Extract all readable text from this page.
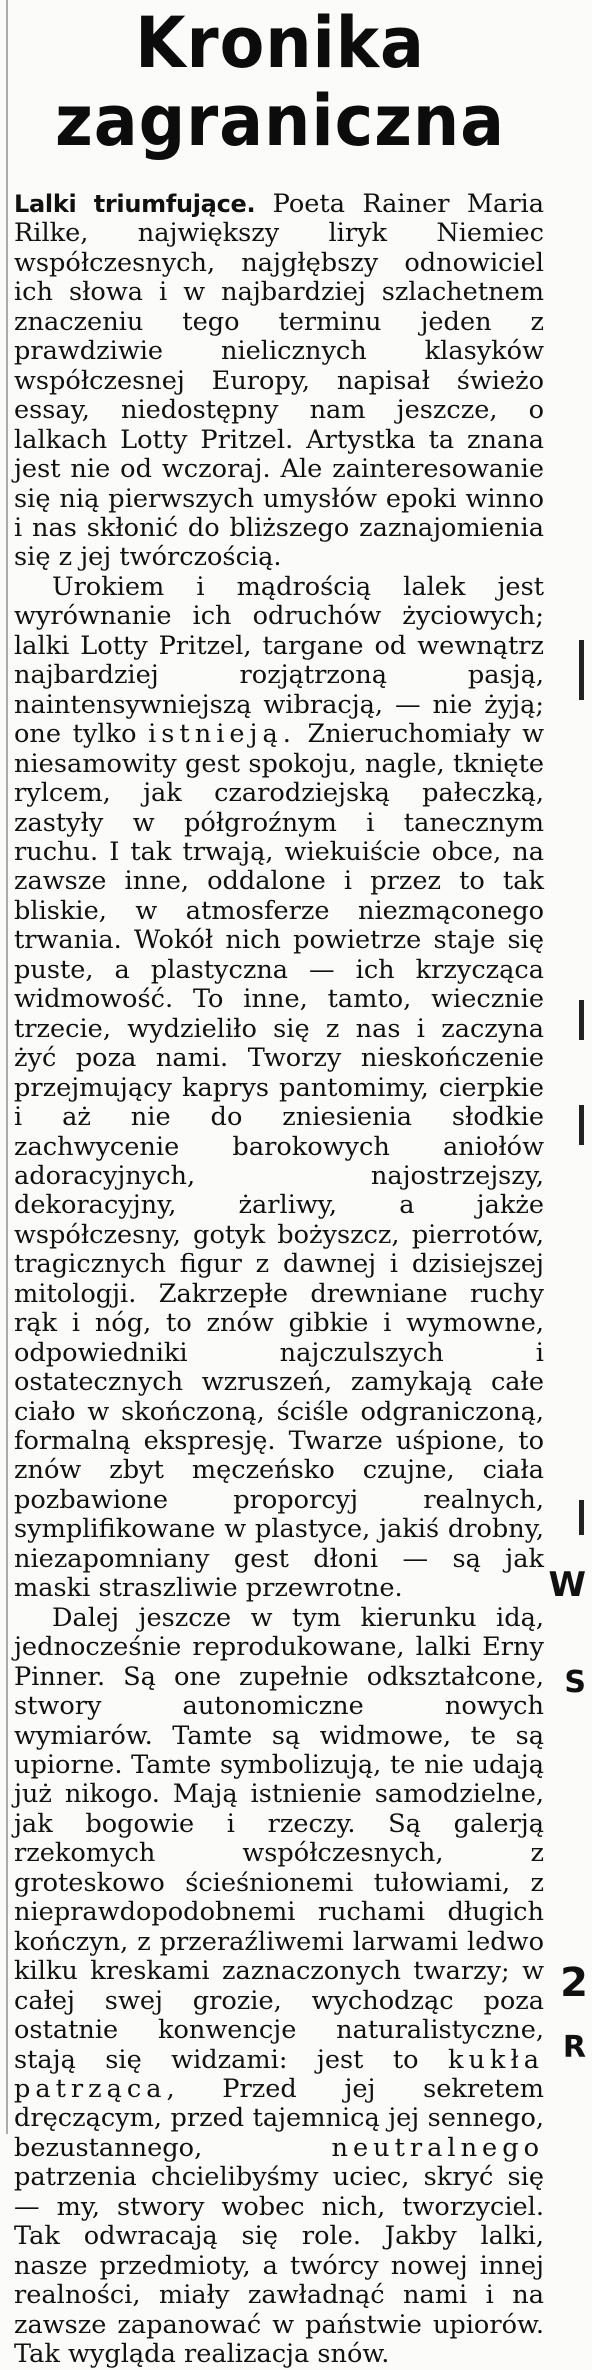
Kronika
zagraniczna

Lalki triumfujące. Poeta Rainer Maria Rilke, największy liryk Niemiec współczesnych, najgłębszy odnowiciel ich słowa i w najbardziej szlachetnem znaczeniu tego terminu jeden z prawdziwie nielicznych klasyków współczesnej Europy, napisał świeżo essay, niedostępny nam jeszcze, o lalkach Lotty Pritzel. Artystka ta znana jest nie od wczoraj. Ale zainteresowanie się nią pierwszych umysłów epoki winno i nas skłonić do bliższego zaznajomienia się z jej twórczością.

Urokiem i mądrością lalek jest wyrównanie ich odruchów życiowych; lalki Lotty Pritzel, targane od wewnątrz najbardziej rozjątrzoną pasją, naintensywniejszą wibracją, — nie żyją; one tylko istnieją. Znieruchomiały w niesamowity gest spokoju, nagle, tknięte rylcem, jak czarodziejską pałeczką, zastyły w półgroźnym i tanecznym ruchu. I tak trwają, wiekuiście obce, na zawsze inne, oddalone i przez to tak bliskie, w atmosferze niezmąconego trwania. Wokół nich powietrze staje się puste, a plastyczna — ich krzycząca widmowość. To inne, tamto, wiecznie trzecie, wydzieliło się z nas i zaczyna żyć poza nami. Tworzy nieskończenie przejmujący kaprys pantomimy, cierpkie i aż nie do zniesienia słodkie zachwycenie barokowych aniołów adoracyjnych, najostrzejszy, dekoracyjny, żarliwy, a jakże współczesny, gotyk bożyszcz, pierrotów, tragicznych figur z dawnej i dzisiejszej mitologji. Zakrzepłe drewniane ruchy rąk i nóg, to znów gibkie i wymowne, odpowiedniki najczulszych i ostatecznych wzruszeń, zamykają całe ciało w skończoną, ściśle odgraniczoną, formalną ekspresję. Twarze uśpione, to znów zbyt męczeńsko czujne, ciała pozbawione proporcyj realnych, symplifikowane w plastyce, jakiś drobny, niezapomniany gest dłoni — są jak maski straszliwie przewrotne.

Dalej jeszcze w tym kierunku idą, jednocześnie reprodukowane, lalki Erny Pinner. Są one zupełnie odkształcone, stwory autonomiczne nowych wymiarów. Tamte są widmowe, te są upiorne. Tamte symbolizują, te nie udają już nikogo. Mają istnienie samodzielne, jak bogowie i rzeczy. Są galerją rzekomych współczesnych, z groteskowo ścieśnionemi tułowiami, z nieprawdopodobnemi ruchami długich kończyn, z przeraźliwemi larwami ledwo kilku kreskami zaznaczonych twarzy; w całej swej grozie, wychodząc poza ostatnie konwencje naturalistyczne, stają się widzami: jest to kukła patrząca, Przed jej sekretem dręczącym, przed tajemnicą jej sennego, bezustannego, neutralnego patrzenia chcielibyśmy uciec, skryć się — my, stwory wobec nich, tworzyciel. Tak odwracają się role. Jakby lalki, nasze przedmioty, a twórcy nowej innej realności, miały zawładnąć nami i na zawsze zapanować w państwie upiorów. Tak wygląda realizacja snów.

W
S
2
R
